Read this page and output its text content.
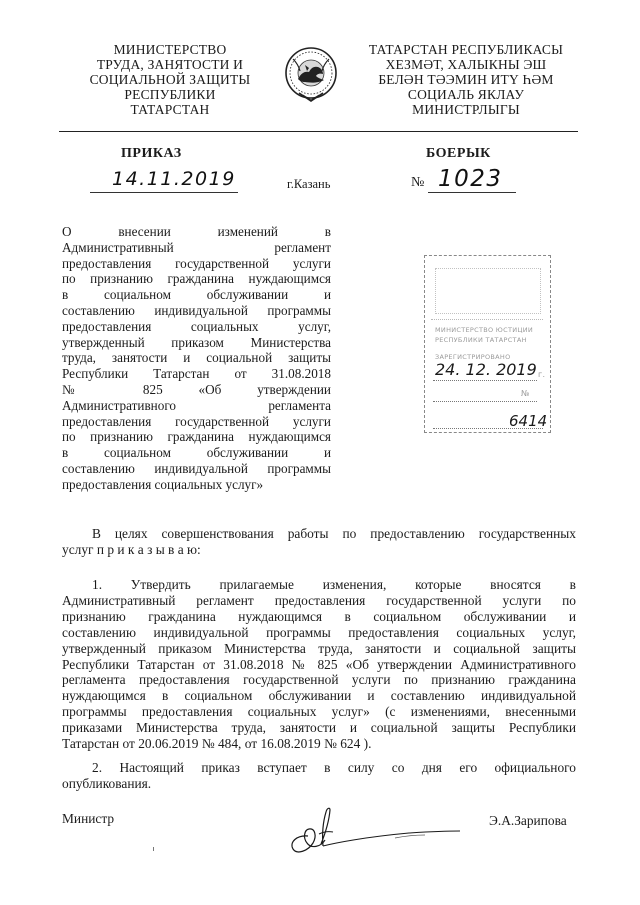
МИНИСТЕРСТВО
ТРУДА, ЗАНЯТОСТИ И
СОЦИАЛЬНОЙ ЗАЩИТЫ
РЕСПУБЛИКИ
ТАТАРСТАН
ТАТАРСТАН РЕСПУБЛИКАСЫ
ХЕЗМӘТ, ХАЛЫКНЫ ЭШ
БЕЛӘН ТӘЭМИН ИТҮ ҺӘМ
СОЦИАЛЬ ЯКЛАУ
МИНИСТРЛЫГЫ
ПРИКАЗ	БОЕРЫК
14.11.2019	г.Казань	№ 1023
О внесении изменений в
Административный регламент
предоставления государственной услуги
по признанию гражданина нуждающимся
в социальном обслуживании и
составлению индивидуальной программы
предоставления социальных услуг,
утвержденный приказом Министерства
труда, занятости и социальной защиты
Республики Татарстан от 31.08.2018
№ 825 «Об утверждении
Административного регламента
предоставления государственной услуги
по признанию гражданина нуждающимся
в социальном обслуживании и
составлению индивидуальной программы
предоставления социальных услуг»
МИНИСТЕРСТВО ЮСТИЦИИ
РЕСПУБЛИКИ ТАТАРСТАН
ЗАРЕГИСТРИРОВАНО
24. 12. 2019 г.
№
6414
В целях совершенствования работы по предоставлению государственных
услуг п р и к а з ы в а ю:
1. Утвердить прилагаемые изменения, которые вносятся в
Административный регламент предоставления государственной услуги по
признанию гражданина нуждающимся в социальном обслуживании и
составлению индивидуальной программы предоставления социальных услуг,
утвержденный приказом Министерства труда, занятости и социальной защиты
Республики Татарстан от 31.08.2018 № 825 «Об утверждении Административного
регламента предоставления государственной услуги по признанию гражданина
нуждающимся в социальном обслуживании и составлению индивидуальной
программы предоставления социальных услуг» (с изменениями, внесенными
приказами Министерства труда, занятости и социальной защиты Республики
Татарстан от 20.06.2019 № 484, от 16.08.2019 № 624 ).
2. Настоящий приказ вступает в силу со дня его официального
опубликования.
Министр	Э.А.Зарипова
